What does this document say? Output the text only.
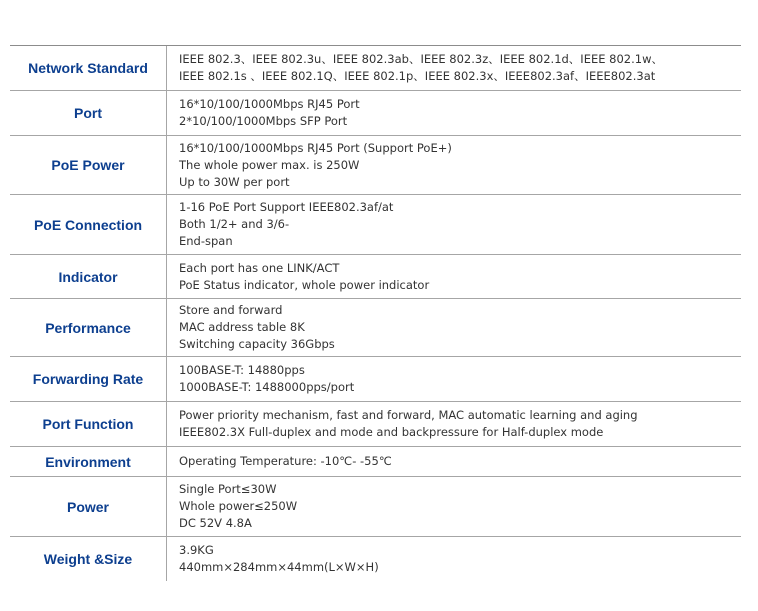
Network Standard
IEEE 802.3、IEEE 802.3u、IEEE 802.3ab、IEEE 802.3z、IEEE 802.1d、IEEE 802.1w、
IEEE 802.1s 、IEEE 802.1Q、IEEE 802.1p、IEEE 802.3x、IEEE802.3af、IEEE802.3at
Port
16*10/100/1000Mbps RJ45 Port
2*10/100/1000Mbps SFP Port
PoE Power
16*10/100/1000Mbps RJ45 Port (Support PoE+)
The whole power max. is 250W
Up to 30W per port
PoE Connection
1-16 PoE Port Support IEEE802.3af/at
Both 1/2+ and 3/6-
End-span
Indicator
Each port has one LINK/ACT
PoE Status indicator, whole power indicator
Performance
Store and forward
MAC address table 8K
Switching capacity 36Gbps
Forwarding Rate
100BASE-T: 14880pps
1000BASE-T: 1488000pps/port
Port Function
Power priority mechanism, fast and forward, MAC automatic learning and aging
IEEE802.3X Full-duplex and mode and backpressure for Half-duplex mode
Environment	Operating Temperature: -10℃- -55℃
Power
Single Port≤30W
Whole power≤250W
DC 52V 4.8A
Weight &Size
3.9KG
440mm×284mm×44mm(L×W×H)
